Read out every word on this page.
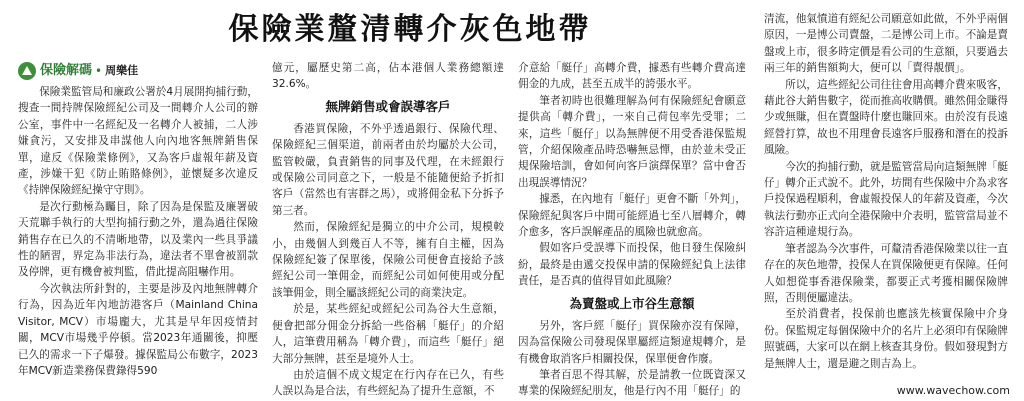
保險業釐清轉介灰色地帶
保險解碼 • 周樂佳

保險業監管局和廉政公署於4月展開拘捕行動，搜查一間持牌保險經紀公司及一間轉介人公司的辦公室，事件中一名經紀及一名轉介人被捕，二人涉嫌貪污，又安排及串謀他人向內地客無牌銷售保單，違反《保險業條例》，又為客戶虛報年薪及資產，涉嫌干犯《防止賄賂條例》，並懷疑多次違反《持牌保險經紀操守守則》。

是次行動極為矚目，除了因為是保監及廉署破天荒聯手執行的大型拘捕行動之外，還為過往保險銷售存在已久的不清晰地帶，以及業內一些具爭議性的陋習，界定為非法行為，違法者不單會被罰款及停牌，更有機會被判監，借此提高阻嚇作用。

今次執法所針對的，主要是涉及內地無牌轉介行為，因為近年內地訪港客戶（Mainland China Visitor, MCV）市場龐大，尤其是早年因疫情封關，MCV市場幾乎停頓。當2023年通關後，抑壓已久的需求一下子爆發。據保監局公布數字，2023年MCV新造業務保費錄得590

億元，屬歷史第二高，佔本港個人業務總額達32.6%。

無牌銷售或會誤導客戶

香港買保險，不外乎透過銀行、保險代理、保險經紀三個渠道，前兩者由於均屬於大公司，監管較嚴，負責銷售的同事及代理，在未經銀行或保險公司同意之下，一般是不能隨便給予折扣客戶（當然也有害群之馬），或將佣金私下分拆予第三者。

然而，保險經紀是獨立的中介公司，規模較小，由幾個人到幾百人不等，擁有自主權，因為保險經紀簽了保單後，保險公司便會直接給予該經紀公司一筆佣金，而經紀公司如何使用或分配該筆佣金，則全屬該經紀公司的商業決定。

於是，某些經紀或經紀公司為谷大生意額，便會把部分佣金分拆給一些俗稱「艇仔」的介紹人，這筆費用稱為「轉介費」，而這些「艇仔」絕大部分無牌，甚至是境外人士。

由於這個不成文規定在行內存在已久，有些人誤以為是合法，有些經紀為了提升生意額，不

介意給「艇仔」高轉介費，據悉有些轉介費高達佣金的九成，甚至五成半的誇張水平。

筆者初時也很難理解為何有保險經紀會願意提供高「轉介費」，一來自己荷包率先受罪；二來，這些「艇仔」以為無牌便不用受香港保監規管，介紹保險產品時恐嚇無忌憚，由於並未受正規保險培訓，會如何向客戶演繹保單？當中會否出現誤導情況？

據悉，在內地有「艇仔」更會不斷「外判」，保險經紀與客戶中間可能經過七至八層轉介，轉介愈多，客戶誤解產品的風險也就愈高。

假如客戶受誤導下而投保，他日發生保險糾紛，最終是由遞交投保申請的保險經紀負上法律責任，是否真的值得冒如此風險？

為賣盤或上市谷生意額

另外，客戶經「艇仔」買保險亦沒有保障，因為當保險公司發現保單屬經這類違規轉介，是有機會取消客戶相關投保，保單便會作廢。

筆者百思不得其解，於是請教一位既資深又專業的保險經紀朋友，他是行內不用「艇仔」的

清流，他氣憤道有經紀公司願意如此做，不外乎兩個原因，一是博公司賣盤，二是博公司上市。不論是賣盤或上市，很多時定價是看公司的生意額，只要過去兩三年的銷售額夠大，便可以「賣得靚價」。

所以，這些經紀公司往往會用高轉介費來吸客，藉此谷大銷售數字，從而推高收購價。雖然佣金賺得少或無賺，但在賣盤時什麼也賺回來。由於沒有長遠經營打算，故也不用理會長遠客戶服務和潛在的投訴風險。

今次的拘捕行動，就是監管當局向這類無牌「艇仔」轉介正式說不。此外，坊間有些保險中介為求客戶投保過程順利，會虛報投保人的年薪及資產，今次執法行動亦正式向全港保險中介表明，監管當局並不容許這種違規行為。

筆者認為今次事件，可釐清香港保險業以往一直存在的灰色地帶，投保人在買保險便更有保障。任何人如想從事香港保險業，都要正式考獲相關保險牌照，否則便屬違法。

至於消費者，投保前也應該先核實保險中介身份。保監規定每個保險中介的名片上必須印有保險牌照號碼，大家可以在網上核查其身份。假如發現對方是無牌人士，還是避之則吉為上。

www.wavechow.com
